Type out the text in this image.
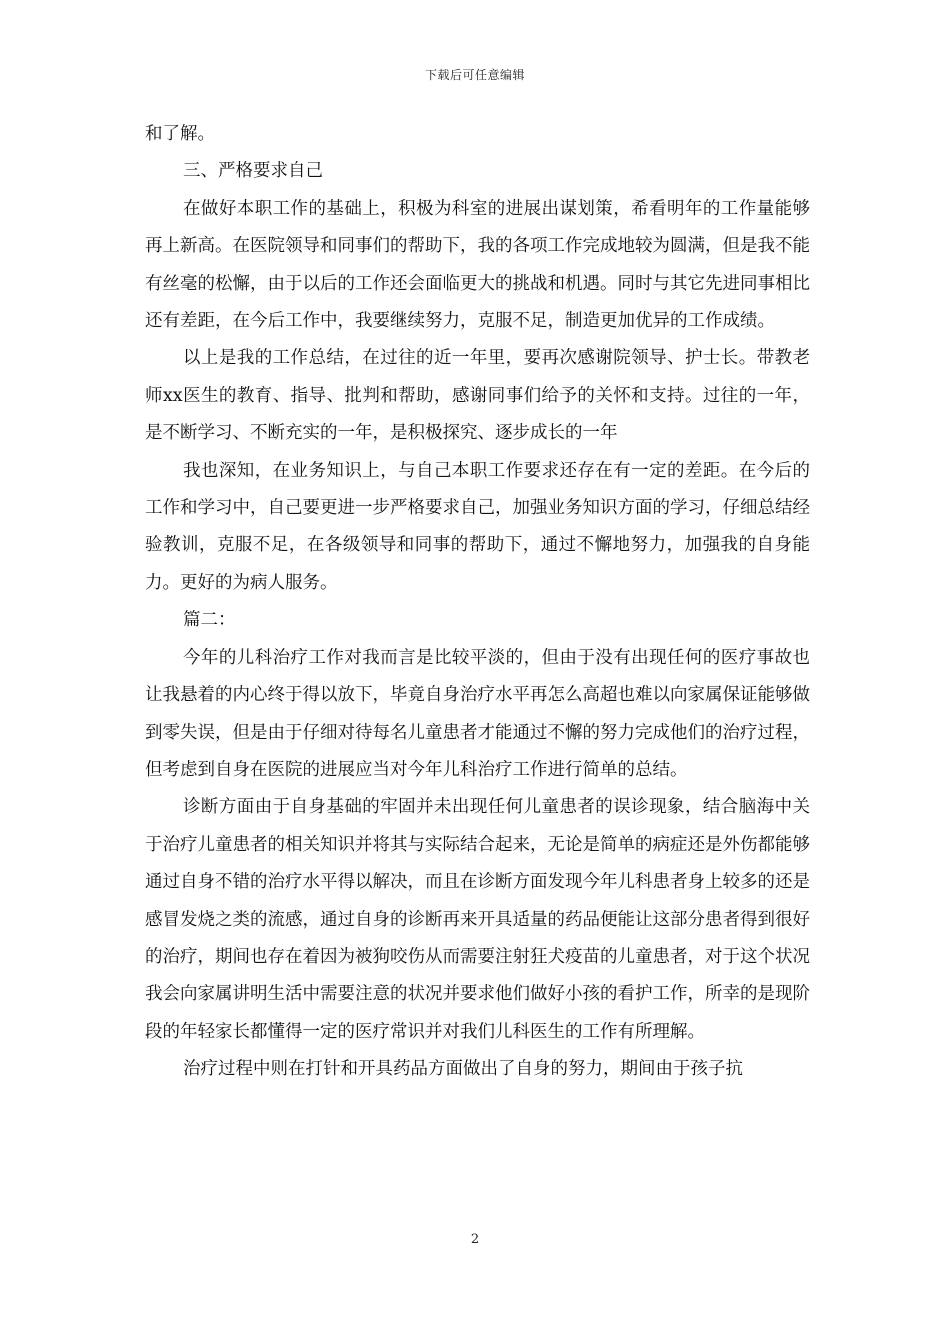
下载后可任意编辑

和了解。

三、严格要求自己

在做好本职工作的基础上，积极为科室的进展出谋划策，希看明年的工作量能够再上新高。在医院领导和同事们的帮助下，我的各项工作完成地较为圆满，但是我不能有丝毫的松懈，由于以后的工作还会面临更大的挑战和机遇。同时与其它先进同事相比还有差距，在今后工作中，我要继续努力，克服不足，制造更加优异的工作成绩。

以上是我的工作总结，在过往的近一年里，要再次感谢院领导、护士长。带教老师xx医生的教育、指导、批判和帮助，感谢同事们给予的关怀和支持。过往的一年，是不断学习、不断充实的一年，是积极探究、逐步成长的一年

我也深知，在业务知识上，与自己本职工作要求还存在有一定的差距。在今后的工作和学习中，自己要更进一步严格要求自己，加强业务知识方面的学习，仔细总结经验教训，克服不足，在各级领导和同事的帮助下，通过不懈地努力，加强我的自身能力。更好的为病人服务。

篇二：

今年的儿科治疗工作对我而言是比较平淡的，但由于没有出现任何的医疗事故也让我悬着的内心终于得以放下，毕竟自身治疗水平再怎么高超也难以向家属保证能够做到零失误，但是由于仔细对待每名儿童患者才能通过不懈的努力完成他们的治疗过程，但考虑到自身在医院的进展应当对今年儿科治疗工作进行简单的总结。

诊断方面由于自身基础的牢固并未出现任何儿童患者的误诊现象，结合脑海中关于治疗儿童患者的相关知识并将其与实际结合起来，无论是简单的病症还是外伤都能够通过自身不错的治疗水平得以解决，而且在诊断方面发现今年儿科患者身上较多的还是感冒发烧之类的流感，通过自身的诊断再来开具适量的药品便能让这部分患者得到很好的治疗，期间也存在着因为被狗咬伤从而需要注射狂犬疫苗的儿童患者，对于这个状况我会向家属讲明生活中需要注意的状况并要求他们做好小孩的看护工作，所幸的是现阶段的年轻家长都懂得一定的医疗常识并对我们儿科医生的工作有所理解。

治疗过程中则在打针和开具药品方面做出了自身的努力，期间由于孩子抗

2
